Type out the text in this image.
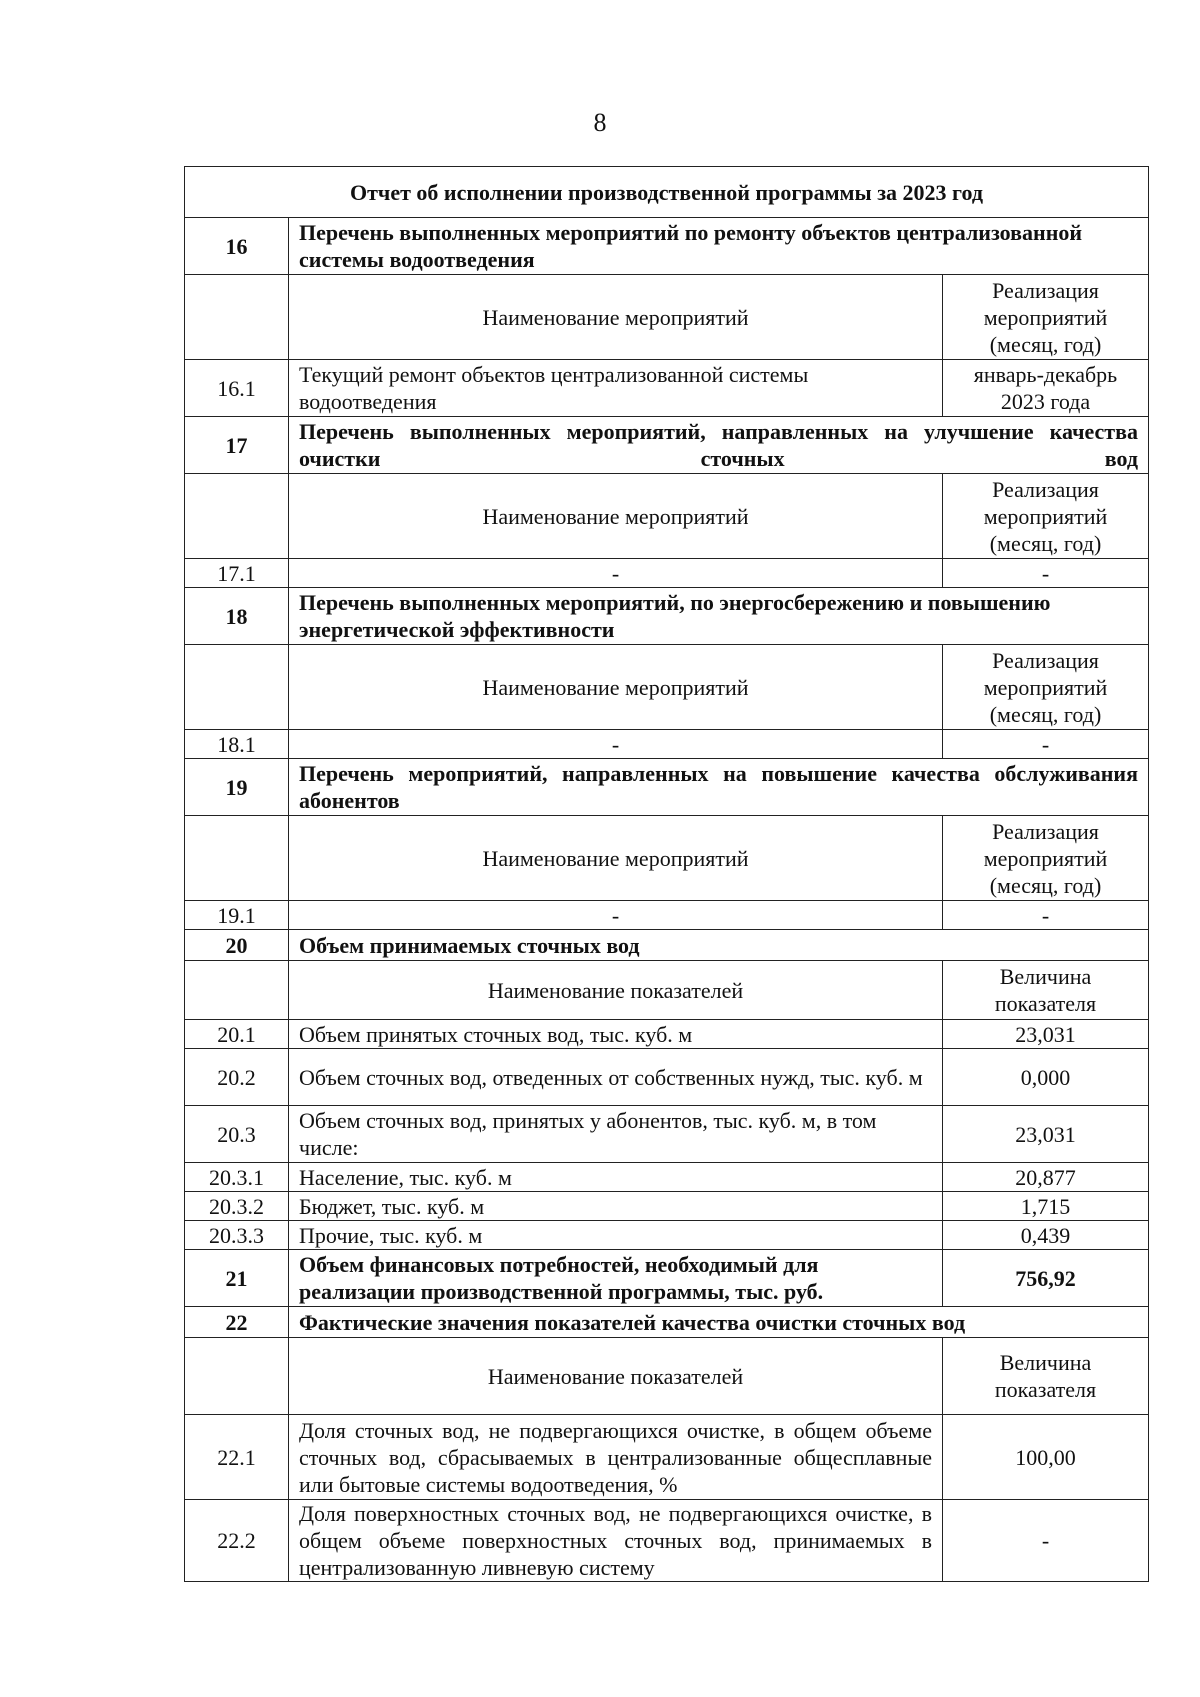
8
Отчет об исполнении производственной программы за 2023 год		
16	Перечень выполненных мероприятий по ремонту объектов централизованной системы водоотведения	
	Наименование мероприятий	Реализация мероприятий (месяц, год)
16.1	Текущий ремонт объектов централизованной системы водоотведения	январь-декабрь 2023 года
17	Перечень выполненных мероприятий, направленных на улучшение качества очистки сточных вод	
	Наименование мероприятий	Реализация мероприятий (месяц, год)
17.1	-	-
18	Перечень выполненных мероприятий, по энергосбережению и повышению энергетической эффективности	
	Наименование мероприятий	Реализация мероприятий (месяц, год)
18.1	-	-
19	Перечень мероприятий, направленных на повышение качества обслуживания абонентов	
	Наименование мероприятий	Реализация мероприятий (месяц, год)
19.1	-	-
20	Объем принимаемых сточных вод	
	Наименование показателей	Величина показателя
20.1	Объем принятых сточных вод, тыс. куб. м	23,031
20.2	Объем сточных вод, отведенных от собственных нужд, тыс. куб. м	0,000
20.3	Объем сточных вод, принятых у абонентов, тыс. куб. м, в том числе:	23,031
20.3.1	Население, тыс. куб. м	20,877
20.3.2	Бюджет, тыс. куб. м	1,715
20.3.3	Прочие, тыс. куб. м	0,439
21	Объем финансовых потребностей, необходимый для реализации производственной программы, тыс. руб.	756,92
22	Фактические значения показателей качества очистки сточных вод	
	Наименование показателей	Величина показателя
22.1	Доля сточных вод, не подвергающихся очистке, в общем объеме сточных вод, сбрасываемых в централизованные общесплавные или бытовые системы водоотведения, %	100,00
22.2	Доля поверхностных сточных вод, не подвергающихся очистке, в общем объеме поверхностных сточных вод, принимаемых в централизованную ливневую систему	-
